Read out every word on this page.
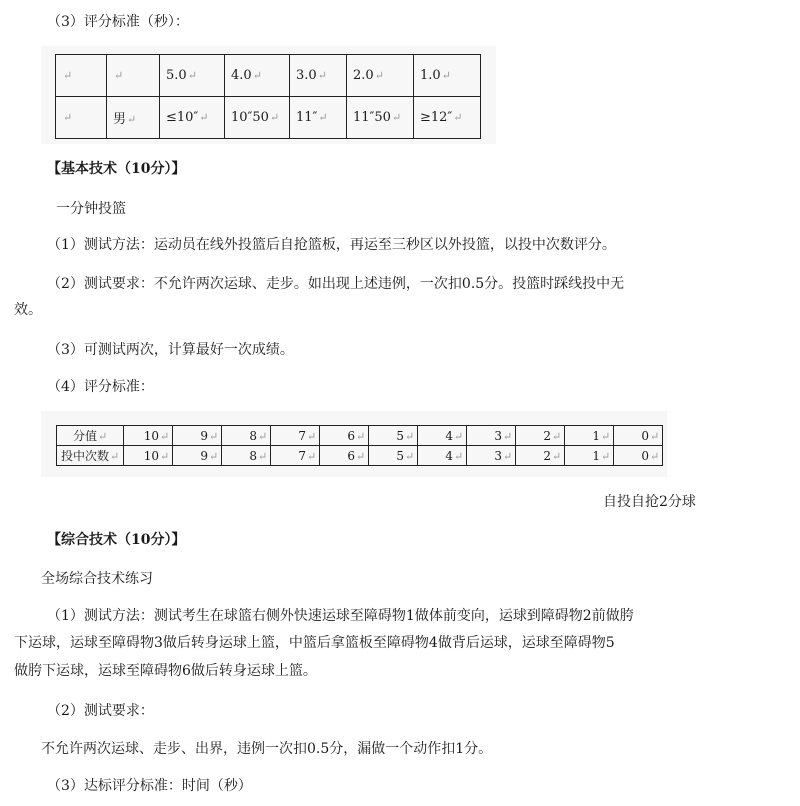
（3）评分标准（秒）：
↵	↵	5.0↵	4.0↵	3.0↵	2.0↵	1.0↵
↵	男↵	≤10″↵	10″50↵	11″↵	11″50↵	≥12″↵
【基本技术（10分）】
一分钟投篮
（1）测试方法：运动员在线外投篮后自抢篮板，再运至三秒区以外投篮，以投中次数评分。
（2）测试要求：不允许两次运球、走步。如出现上述违例，一次扣0.5分。投篮时踩线投中无
效。
（3）可测试两次，计算最好一次成绩。
（4）评分标准：
分值↵	10↵	9↵	8↵	7↵	6↵	5↵	4↵	3↵	2↵	1↵	0↵
投中次数↵	10↵	9↵	8↵	7↵	6↵	5↵	4↵	3↵	2↵	1↵	0↵
自投自抢2分球
【综合技术（10分）】
全场综合技术练习
（1）测试方法：测试考生在球篮右侧外快速运球至障碍物1做体前变向，运球到障碍物2前做胯
下运球，运球至障碍物3做后转身运球上篮，中篮后拿篮板至障碍物4做背后运球，运球至障碍物5
做胯下运球，运球至障碍物6做后转身运球上篮。
（2）测试要求：
不允许两次运球、走步、出界，违例一次扣0.5分，漏做一个动作扣1分。
（3）达标评分标准：时间（秒）
